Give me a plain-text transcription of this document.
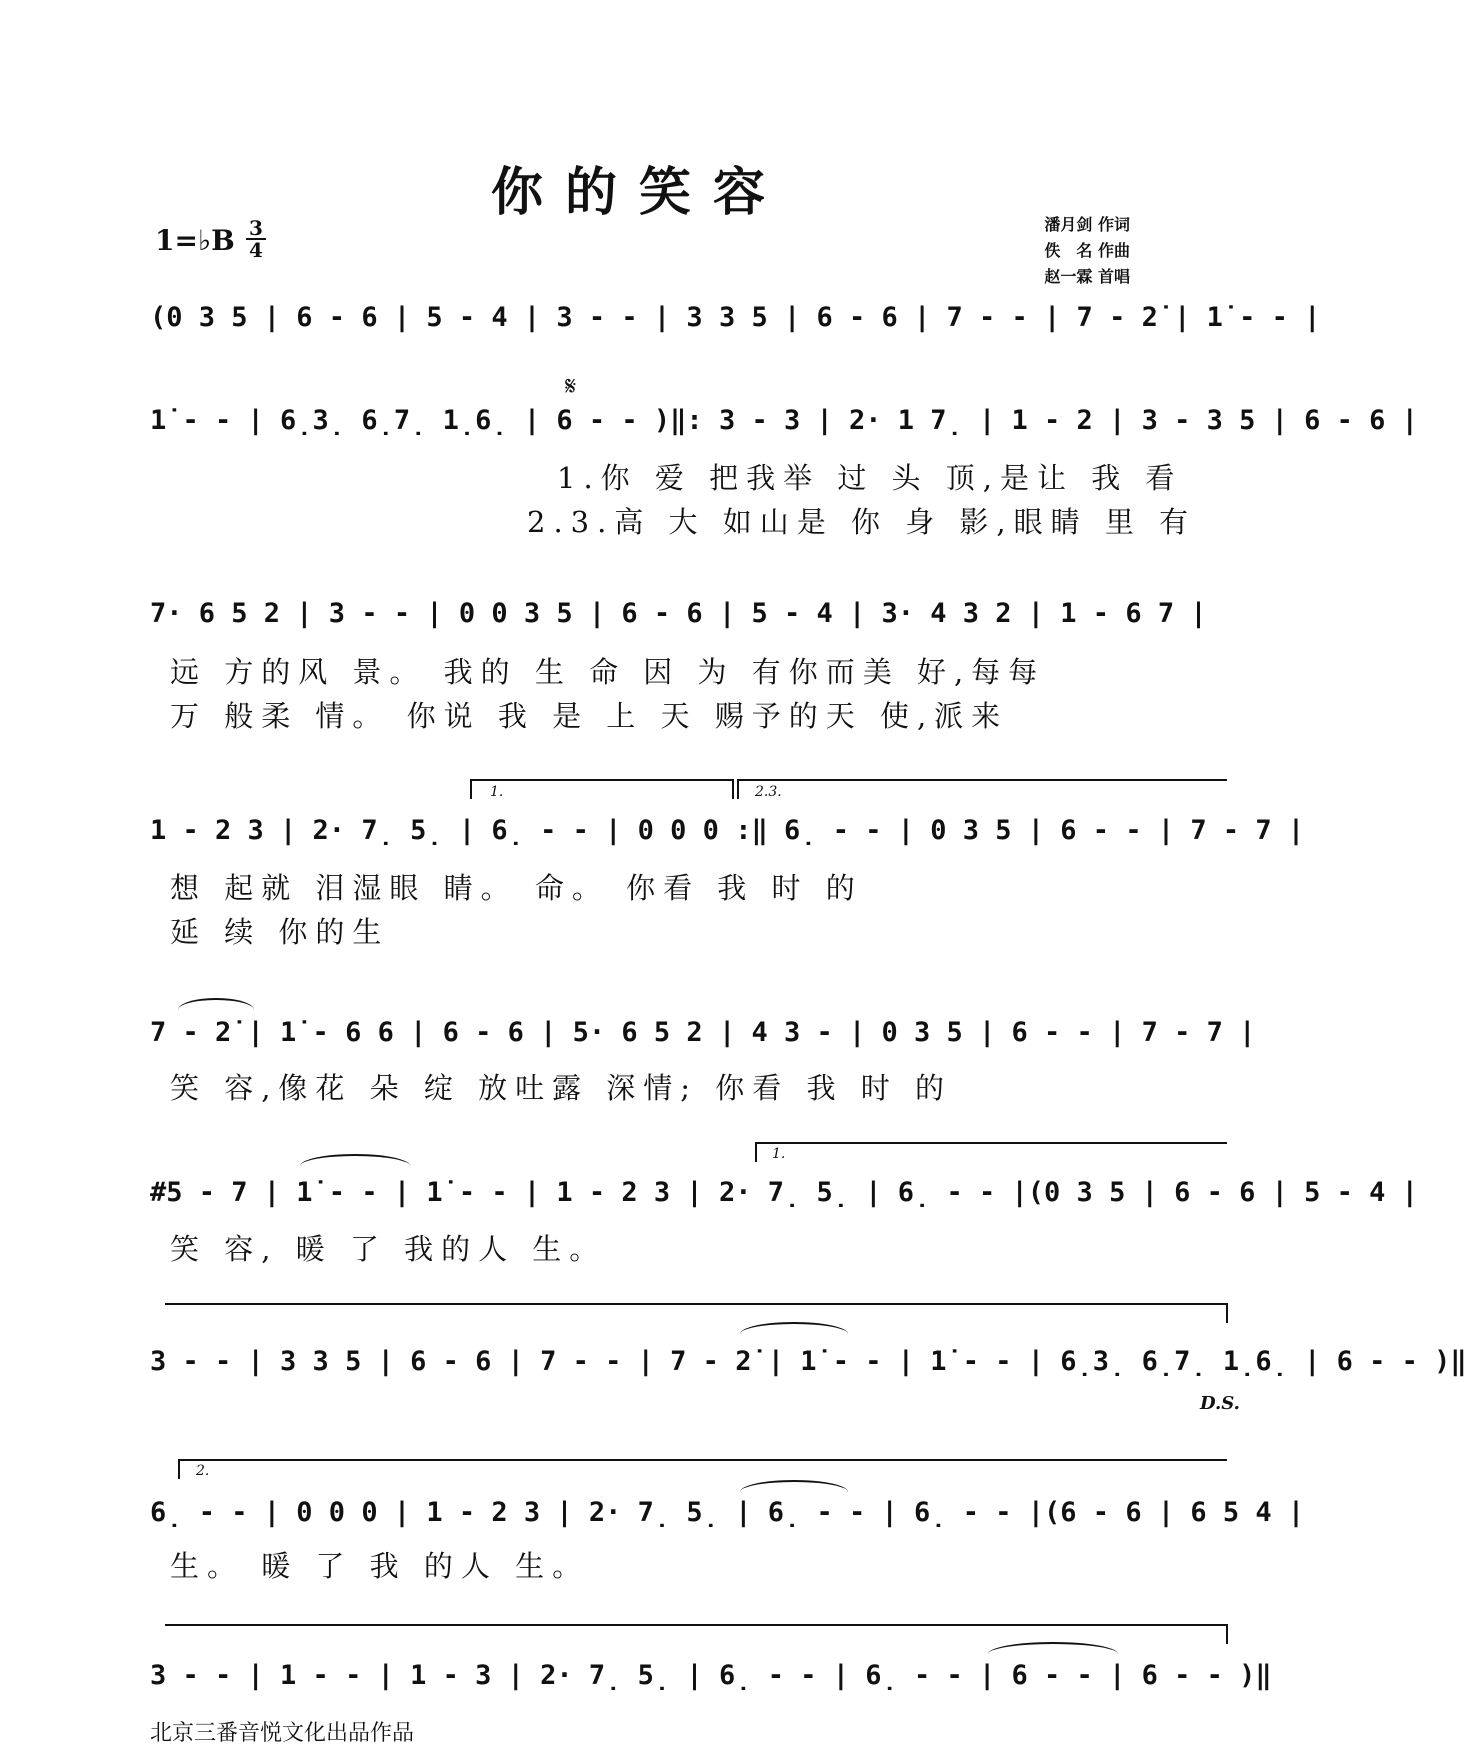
你的笑容
1=♭B 3
4
潘月剑 作词
佚　名 作曲
赵一霖 首唱
(0 3 5 | 6 - 6 | 5 - 4 | 3 - - | 3 3 5 | 6 - 6 | 7 - - | 7 - 2̇ | 1̇ - - |
𝄋
1̇ - - | 6̣3̣ 6̣7̣ 1̣6̣ | 6 - - )‖: 3 - 3 | 2· 1 7̣ | 1 - 2 | 3 - 3 5 | 6 - 6 |
1.你 爱 把我举 过 头 顶,是让 我 看
2.3.高 大 如山是 你 身 影,眼睛 里 有
7· 6 5 2 | 3 - - | 0 0 3 5 | 6 - 6 | 5 - 4 | 3· 4 3 2 | 1 - 6 7 |
远 方的风 景。 我的 生 命 因 为 有你而美 好,每每
万 般柔 情。 你说 我 是 上 天 赐予的天 使,派来
1.	2.3.
1 - 2 3 | 2· 7̣ 5̣ | 6̣ - - | 0 0 0 :‖ 6̣ - - | 0 3 5 | 6 - - | 7 - 7 |
想 起就 泪湿眼 睛。 命。 你看 我 时 的
延 续 你的生
7 - 2̇ | 1̇ - 6 6 | 6 - 6 | 5· 6 5 2 | 4 3 - | 0 3 5 | 6 - - | 7 - 7 |
笑 容,像花 朵 绽 放吐露 深情; 你看 我 时 的
1.
#5 - 7 | 1̇ - - | 1̇ - - | 1 - 2 3 | 2· 7̣ 5̣ | 6̣ - - |(0 3 5 | 6 - 6 | 5 - 4 |
笑 容, 暖 了 我的人 生。
3 - - | 3 3 5 | 6 - 6 | 7 - - | 7 - 2̇ | 1̇ - - | 1̇ - - | 6̣3̣ 6̣7̣ 1̣6̣ | 6 - - )‖
D.S.
2.
6̣ - - | 0 0 0 | 1 - 2 3 | 2· 7̣ 5̣ | 6̣ - - | 6̣ - - |(6 - 6 | 6 5 4 |
生。 暖 了 我 的人 生。
3 - - | 1 - - | 1 - 3 | 2· 7̣ 5̣ | 6̣ - - | 6̣ - - | 6 - - | 6 - - )‖
北京三番音悦文化出品作品
